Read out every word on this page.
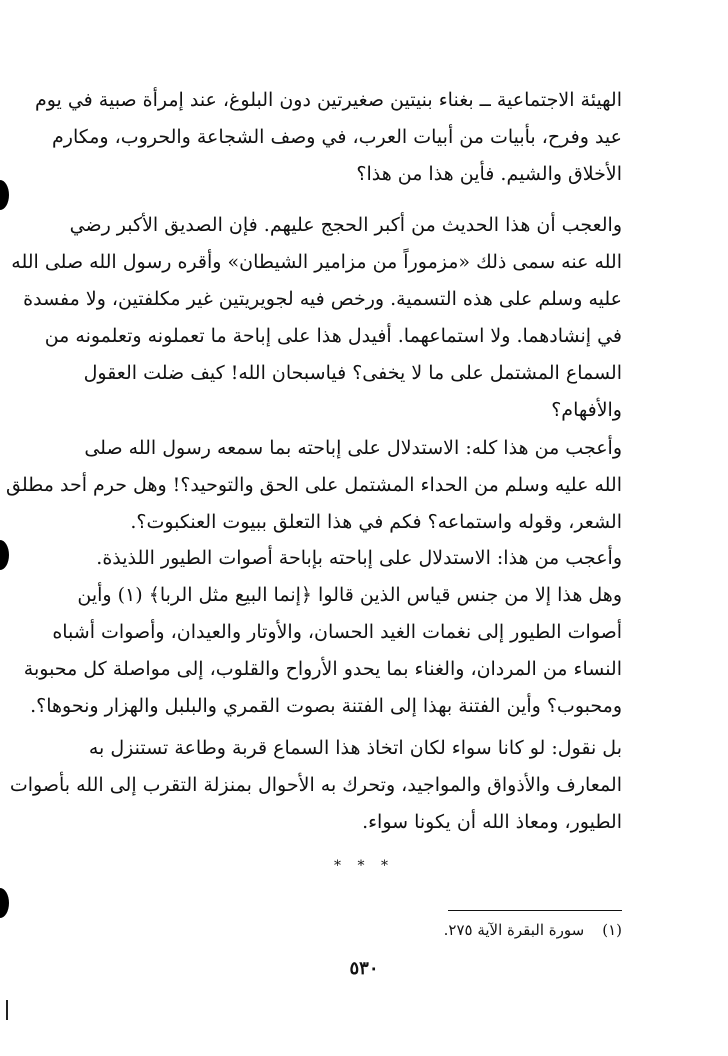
الهيئة الاجتماعية ــ بغناء بنيتين صغيرتين دون البلوغ، عند إمرأة صبية في يوم
عيد وفرح، بأبيات من أبيات العرب، في وصف الشجاعة والحروب، ومكارم
الأخلاق والشيم. فأين هذا من هذا؟
والعجب أن هذا الحديث من أكبر الحجج عليهم. فإن الصديق الأكبر رضي
الله عنه سمى ذلك «مزموراً من مزامير الشيطان» وأقره رسول الله صلى الله
عليه وسلم على هذه التسمية. ورخص فيه لجويريتين غير مكلفتين، ولا مفسدة
في إنشادهما. ولا استماعهما. أفيدل هذا على إباحة ما تعملونه وتعلمونه من
السماع المشتمل على ما لا يخفى؟ فياسبحان الله! كيف ضلت العقول
والأفهام؟
وأعجب من هذا كله: الاستدلال على إباحته بما سمعه رسول الله صلى
الله عليه وسلم من الحداء المشتمل على الحق والتوحيد؟! وهل حرم أحد مطلق
الشعر، وقوله واستماعه؟ فكم في هذا التعلق ببيوت العنكبوت؟.
وأعجب من هذا: الاستدلال على إباحته بإباحة أصوات الطيور اللذيذة.
وهل هذا إلا من جنس قياس الذين قالوا ﴿إنما البيع مثل الربا﴾ (١) وأين
أصوات الطيور إلى نغمات الغيد الحسان، والأوتار والعيدان، وأصوات أشباه
النساء من المردان، والغناء بما يحدو الأرواح والقلوب، إلى مواصلة كل محبوبة
ومحبوب؟ وأين الفتنة بهذا إلى الفتنة بصوت القمري والبلبل والهزار ونحوها؟.
بل نقول: لو كانا سواء لكان اتخاذ هذا السماع قربة وطاعة تستنزل به
المعارف والأذواق والمواجيد، وتحرك به الأحوال بمنزلة التقرب إلى الله بأصوات
الطيور، ومعاذ الله أن يكونا سواء.
* * *
(١)سورة البقرة الآية ٢٧٥.
٥٣٠
